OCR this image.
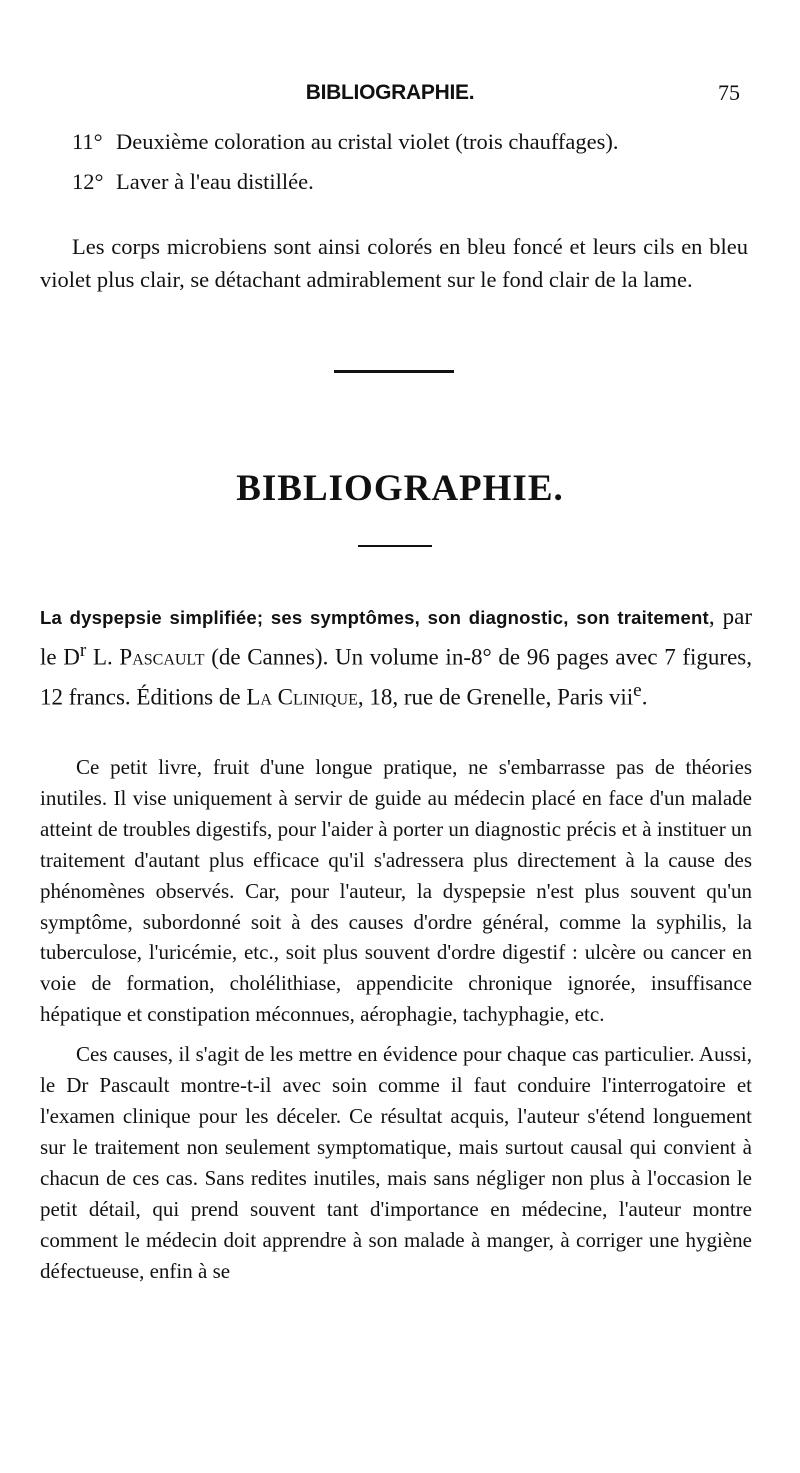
BIBLIOGRAPHIE.	75
11° Deuxième coloration au cristal violet (trois chauffages).
12° Laver à l'eau distillée.
Les corps microbiens sont ainsi colorés en bleu foncé et leurs cils en bleu violet plus clair, se détachant admirablement sur le fond clair de la lame.
BIBLIOGRAPHIE.
La dyspepsie simplifiée; ses symptômes, son diagnostic, son traitement, par le $D^r$ L. Pascault (de Cannes). Un volume in-8° de 96 pages avec 7 figures, 12 francs. Éditions de La Clinique, 18, rue de Grenelle, Paris vii$^e$.

Ce petit livre, fruit d'une longue pratique, ne s'embarrasse pas de théories inutiles. Il vise uniquement à servir de guide au médecin placé en face d'un malade atteint de troubles digestifs, pour l'aider à porter un diagnostic précis et à instituer un traitement d'autant plus efficace qu'il s'adressera plus directement à la cause des phénomènes observés. Car, pour l'auteur, la dyspepsie n'est plus souvent qu'un symptôme, subordonné soit à des causes d'ordre général, comme la syphilis, la tuberculose, l'uricémie, etc., soit plus souvent d'ordre digestif : ulcère ou cancer en voie de formation, cholélithiase, appendicite chronique ignorée, insuffisance hépatique et constipation méconnues, aérophagie, tachyphagie, etc.

Ces causes, il s'agit de les mettre en évidence pour chaque cas particulier. Aussi, le Dr Pascault montre-t-il avec soin comme il faut conduire l'interrogatoire et l'examen clinique pour les déceler. Ce résultat acquis, l'auteur s'étend longuement sur le traitement non seulement symptomatique, mais surtout causal qui convient à chacun de ces cas. Sans redites inutiles, mais sans négliger non plus à l'occasion le petit détail, qui prend souvent tant d'importance en médecine, l'auteur montre comment le médecin doit apprendre à son malade à manger, à corriger une hygiène défectueuse, enfin à se
